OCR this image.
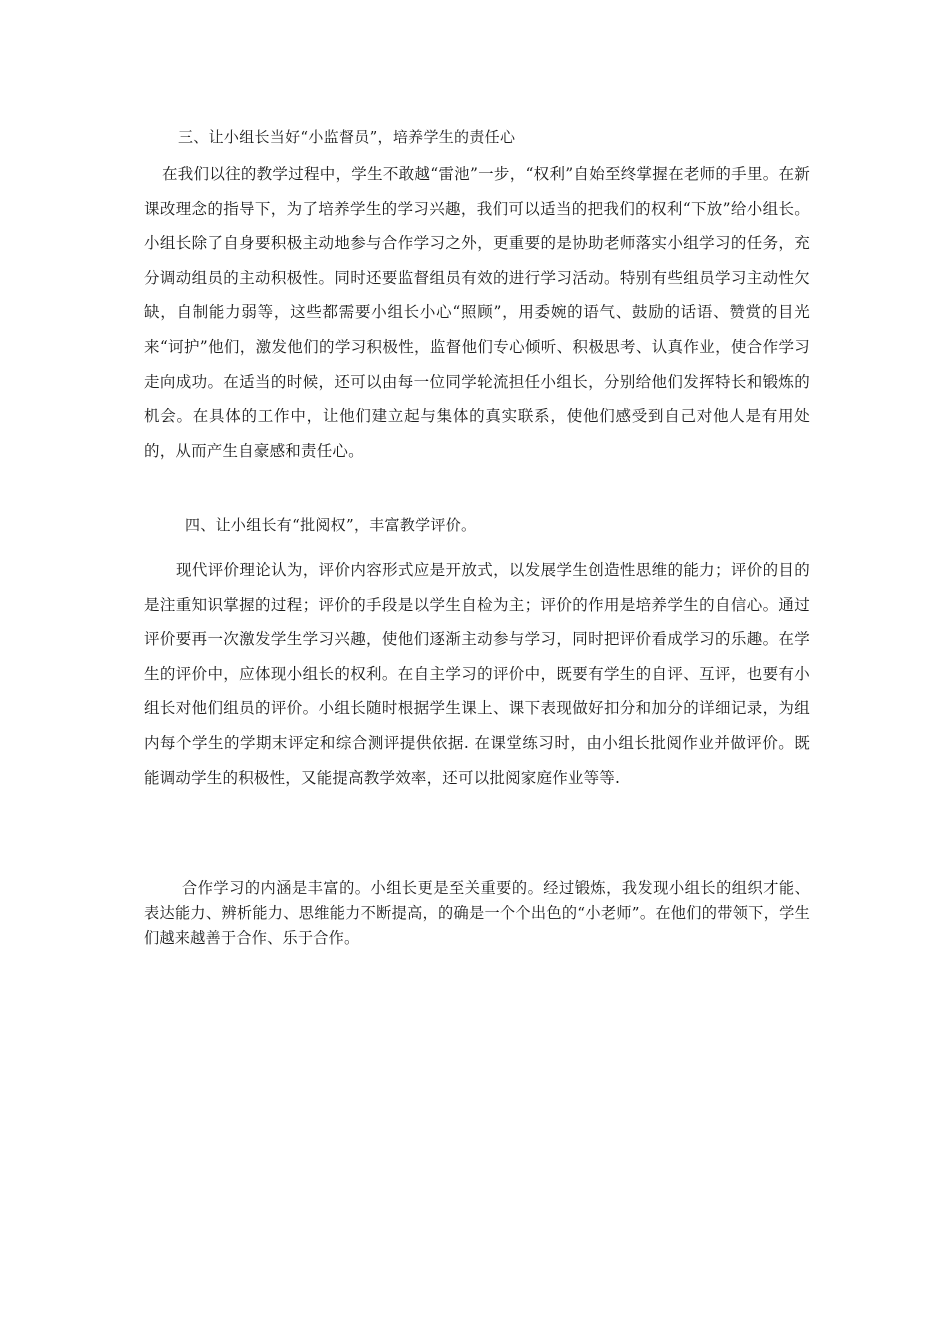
三、让小组长当好“小监督员”，培养学生的责任心

在我们以往的教学过程中，学生不敢越“雷池”一步，“权利”自始至终掌握在老师的手里。在新课改理念的指导下，为了培养学生的学习兴趣，我们可以适当的把我们的权利“下放”给小组长。 小组长除了自身要积极主动地参与合作学习之外，更重要的是协助老师落实小组学习的任务，充分调动组员的主动积极性。同时还要监督组员有效的进行学习活动。特别有些组员学习主动性欠缺，自制能力弱等，这些都需要小组长小心“照顾”，用委婉的语气、鼓励的话语、赞赏的目光来“诃护”他们，激发他们的学习积极性，监督他们专心倾听、积极思考、认真作业，使合作学习走向成功。在适当的时候，还可以由每一位同学轮流担任小组长，分别给他们发挥特长和锻炼的机会。在具体的工作中，让他们建立起与集体的真实联系，使他们感受到自己对他人是有用处的，从而产生自豪感和责任心。

四、让小组长有“批阅权”，丰富教学评价。

现代评价理论认为，评价内容形式应是开放式，以发展学生创造性思维的能力；评价的目的是注重知识掌握的过程；评价的手段是以学生自检为主；评价的作用是培养学生的自信心。通过评价要再一次激发学生学习兴趣，使他们逐渐主动参与学习，同时把评价看成学习的乐趣。在学生的评价中，应体现小组长的权利。在自主学习的评价中，既要有学生的自评、互评，也要有小组长对他们组员的评价。小组长随时根据学生课上、课下表现做好扣分和加分的详细记录，为组内每个学生的学期末评定和综合测评提供依据. 在课堂练习时，由小组长批阅作业并做评价。既能调动学生的积极性，又能提高教学效率，还可以批阅家庭作业等等.

合作学习的内涵是丰富的。小组长更是至关重要的。经过锻炼，我发现小组长的组织才能、表达能力、辨析能力、思维能力不断提高，的确是一个个出色的“小老师”。在他们的带领下，学生们越来越善于合作、乐于合作。
